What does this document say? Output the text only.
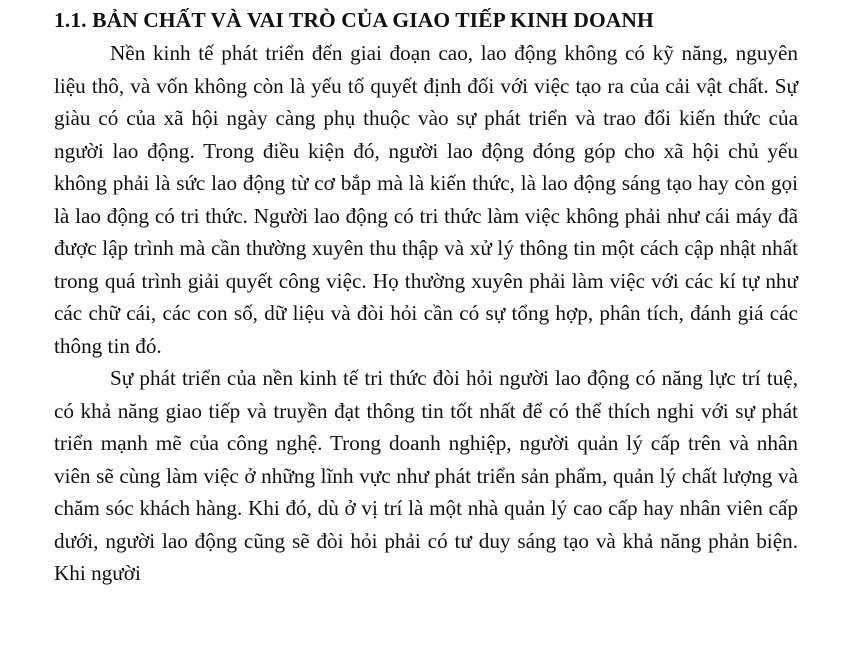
1.1. BẢN CHẤT VÀ VAI TRÒ CỦA GIAO TIẾP KINH DOANH

Nền kinh tế phát triển đến giai đoạn cao, lao động không có kỹ năng, nguyên liệu thô, và vốn không còn là yếu tố quyết định đối với việc tạo ra của cải vật chất. Sự giàu có của xã hội ngày càng phụ thuộc vào sự phát triển và trao đổi kiến thức của người lao động. Trong điều kiện đó, người lao động đóng góp cho xã hội chủ yếu không phải là sức lao động từ cơ bắp mà là kiến thức, là lao động sáng tạo hay còn gọi là lao động có tri thức. Người lao động có tri thức làm việc không phải như cái máy đã được lập trình mà cần thường xuyên thu thập và xử lý thông tin một cách cập nhật nhất trong quá trình giải quyết công việc. Họ thường xuyên phải làm việc với các kí tự như các chữ cái, các con số, dữ liệu và đòi hỏi cần có sự tổng hợp, phân tích, đánh giá các thông tin đó.

Sự phát triển của nền kinh tế tri thức đòi hỏi người lao động có năng lực trí tuệ, có khả năng giao tiếp và truyền đạt thông tin tốt nhất để có thể thích nghi với sự phát triển mạnh mẽ của công nghệ. Trong doanh nghiệp, người quản lý cấp trên và nhân viên sẽ cùng làm việc ở những lĩnh vực như phát triển sản phẩm, quản lý chất lượng và chăm sóc khách hàng. Khi đó, dù ở vị trí là một nhà quản lý cao cấp hay nhân viên cấp dưới, người lao động cũng sẽ đòi hỏi phải có tư duy sáng tạo và khả năng phản biện. Khi người
